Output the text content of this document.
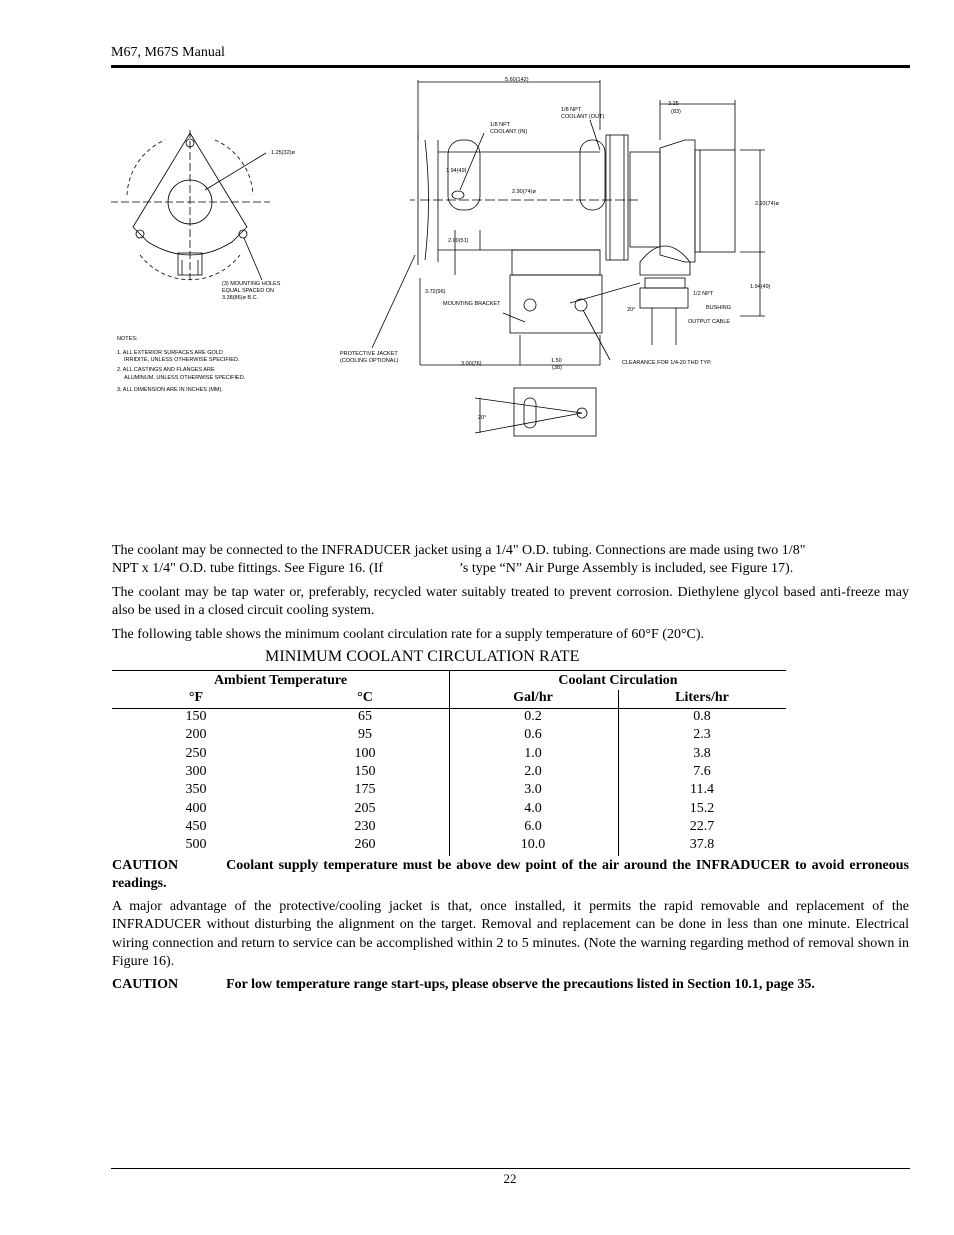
M67, M67S Manual
5.60(142)
3.25
(83)
1.25(32)ø
1/8 NPT
COOLANT (IN)
1/8 NPT
COOLANT (OUT)
1.94(49)
2.90(74)ø
2.93(74)ø
2.00(51)
1.94(49)
3.72(96)	1/2 NPT
BUSHING
MOUNTING BRACKET
20°
OUTPUT CABLE
(3) MOUNTING HOLES
EQUAL SPACED ON
3.38(86)ø B.C.
PROTECTIVE JACKET
(COOLING OPTIONAL)	3.00(76)	1.50
(38)
CLEARANCE FOR 1/4-20 THD TYP.
20°
NOTES:
1. ALL EXTERIOR SURFACES ARE GOLD
IRRIDITE, UNLESS OTHERWISE SPECIFIED.
2. ALL CASTINGS AND FLANGES ARE
ALUMINUM, UNLESS OTHERWISE SPECIFIED.
3. ALL DIMENSION ARE IN INCHES (MM).
The coolant may be connected to the INFRADUCER jacket using a 1/4" O.D. tubing. Connections are made using two 1/8"
NPT x 1/4" O.D. tube fittings. See Figure 16. (If	’s type “N” Air Purge Assembly is included, see Figure 17).
The coolant may be tap water or, preferably, recycled water suitably treated to prevent corrosion. Diethylene glycol based anti-freeze may also be used in a closed circuit cooling system.
The following table shows the minimum coolant circulation rate for a supply temperature of 60°F (20°C).
MINIMUM COOLANT CIRCULATION RATE
Ambient Temperature	Coolant Circulation
°F	°C	Gal/hr	Liters/hr
150	65	0.2	0.8
200	95	0.6	2.3
250	100	1.0	3.8
300	150	2.0	7.6
350	175	3.0	11.4
400	205	4.0	15.2
450	230	6.0	22.7
500	260	10.0	37.8
CAUTION	Coolant supply temperature must be above dew point of the air around the INFRADUCER to avoid erroneous readings.
A major advantage of the protective/cooling jacket is that, once installed, it permits the rapid removable and replacement of the INFRADUCER without disturbing the alignment on the target. Removal and replacement can be done in less than one minute. Electrical wiring connection and return to service can be accomplished within 2 to 5 minutes. (Note the warning regarding method of removal shown in Figure 16).
CAUTION	For low temperature range start-ups, please observe the precautions listed in Section 10.1, page 35.
22
